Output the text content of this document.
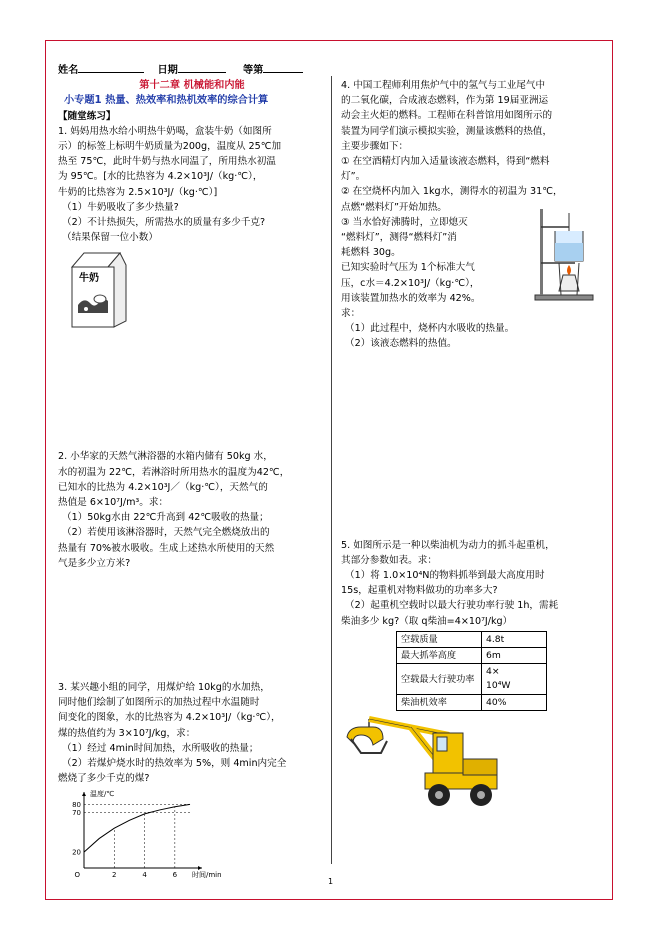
姓名	日期	等第
第十二章 机械能和内能
小专题1 热量、热效率和热机效率的综合计算
【随堂练习】
1. 妈妈用热水给小明热牛奶喝，盒装牛奶（如图所
示）的标签上标明牛奶质量为200g，温度从 25℃加
热至 75℃，此时牛奶与热水同温了，所用热水初温
为 95℃。[水的比热容为 4.2×10³J/（kg·℃），
牛奶的比热容为 2.5×10³J/（kg·℃）]
（1）牛奶吸收了多少热量?
（2）不计热损失，所需热水的质量有多少千克?
（结果保留一位小数）
牛奶
2. 小华家的天然气淋浴器的水箱内储有 50kg 水，
水的初温为 22℃，若淋浴时所用热水的温度为42℃，
已知水的比热为 4.2×10³J／（kg·℃），天然气的
热值是 6×10⁷J/m³。求：
（1）50kg水由 22℃升高到 42℃吸收的热量；
（2）若使用该淋浴器时，天然气完全燃烧放出的
热量有 70%被水吸收。生成上述热水所使用的天然
气是多少立方米?
3. 某兴趣小组的同学，用煤炉给 10kg的水加热，
同时他们绘制了如图所示的加热过程中水温随时
间变化的图象，水的比热容为 4.2×10³J/（kg·℃），
煤的热值约为 3×10⁷J/kg，求：
（1）经过 4min时间加热，水所吸收的热量；
（2）若煤炉烧水时的热效率为 5%，则 4min内完全
燃烧了多少千克的煤?
20
70
80
2	4	6
O
温度/℃
时间/min
4. 中国工程师利用焦炉气中的氢气与工业尾气中
的二氧化碳，合成液态燃料，作为第 19届亚洲运
动会主火炬的燃料。工程师在科普馆用如图所示的
装置为同学们演示模拟实验，测量该燃料的热值，
主要步骤如下：
① 在空酒精灯内加入适量该液态燃料，得到“燃料
灯”。
② 在空烧杯内加入 1kg水，测得水的初温为 31℃，
点燃“燃料灯”开始加热。
③ 当水恰好沸腾时，立即熄灭
“燃料灯”，测得“燃料灯”消
耗燃料 30g。
已知实验时气压为 1个标准大气
压，c水＝4.2×10³J/（kg·℃），
用该装置加热水的效率为 42%。
求：
（1）此过程中，烧杯内水吸收的热量。
（2）该液态燃料的热值。
5. 如图所示是一种以柴油机为动力的抓斗起重机，
其部分参数如表。求：
（1）将 1.0×10⁴N的物料抓举到最大高度用时
15s，起重机对物料做功的功率多大?
（2）起重机空载时以最大行驶功率行驶 1h，需耗
柴油多少 kg?（取 q柴油=4×10⁷J/kg）
空载质量	4.8t
最大抓举高度	6m
空载最大行驶功率	4×
10⁴W
柴油机效率	40%
1
